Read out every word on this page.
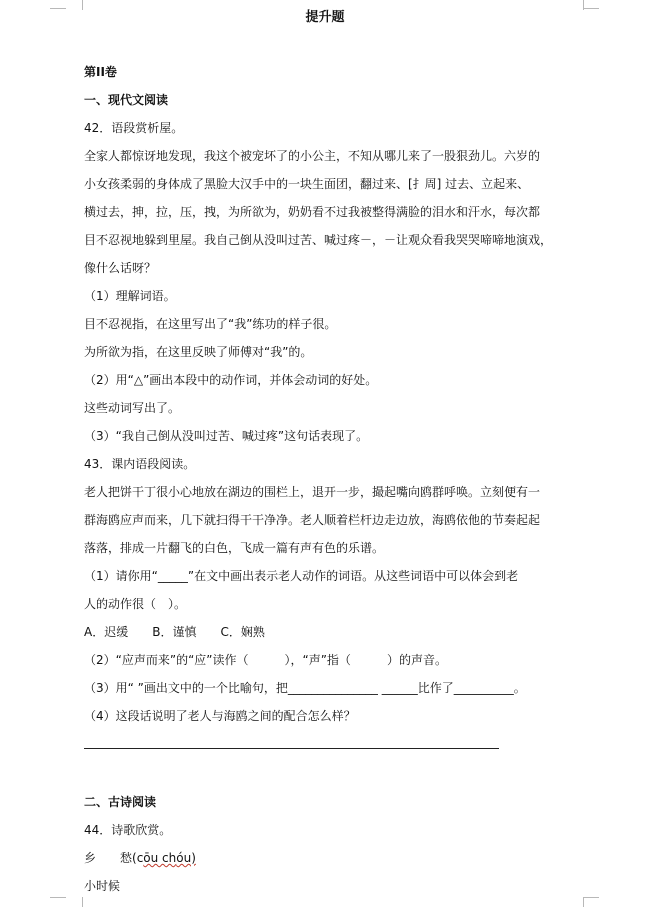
提升题
第II卷
一、现代文阅读
42．语段赏析屋。
全家人都惊讶地发现，我这个被宠坏了的小公主，不知从哪儿来了一股狠劲儿。六岁的
小女孩柔弱的身体成了黑脸大汉手中的一块生面团，翻过来、[扌周] 过去、立起来、
横过去，抻，拉，压，拽，为所欲为，奶奶看不过我被整得满脸的泪水和汗水，每次都
目不忍视地躲到里屋。我自己倒从没叫过苦、喊过疼－，－让观众看我哭哭啼啼地演戏，
像什么话呀？
（1）理解词语。
目不忍视指，在这里写出了“我”练功的样子很。
为所欲为指，在这里反映了师傅对“我”的。
（2）用“△”画出本段中的动作词，并体会动词的好处。
这些动词写出了。
（3）“我自己倒从没叫过苦、喊过疼”这句话表现了。
43．课内语段阅读。
老人把饼干丁很小心地放在湖边的围栏上，退开一步，撮起嘴向鸥群呼唤。立刻便有一
群海鸥应声而来，几下就扫得干干净净。老人顺着栏杆边走边放，海鸥依他的节奏起起
落落，排成一片翻飞的白色，飞成一篇有声有色的乐谱。
（1）请你用“_____”在文中画出表示老人动作的词语。从这些词语中可以体会到老
人的动作很（　）。
A．迟缓　　B．谨慎　　C．娴熟
（2）“应声而来”的“应”读作（　　　），“声”指（　　　）的声音。
（3）用“ ”画出文中的一个比喻句，把_______________ ______比作了__________。
（4）这段话说明了老人与海鸥之间的配合怎么样？
二、古诗阅读
44．诗歌欣赏。
乡　　愁(cōu chóu)
小时候
